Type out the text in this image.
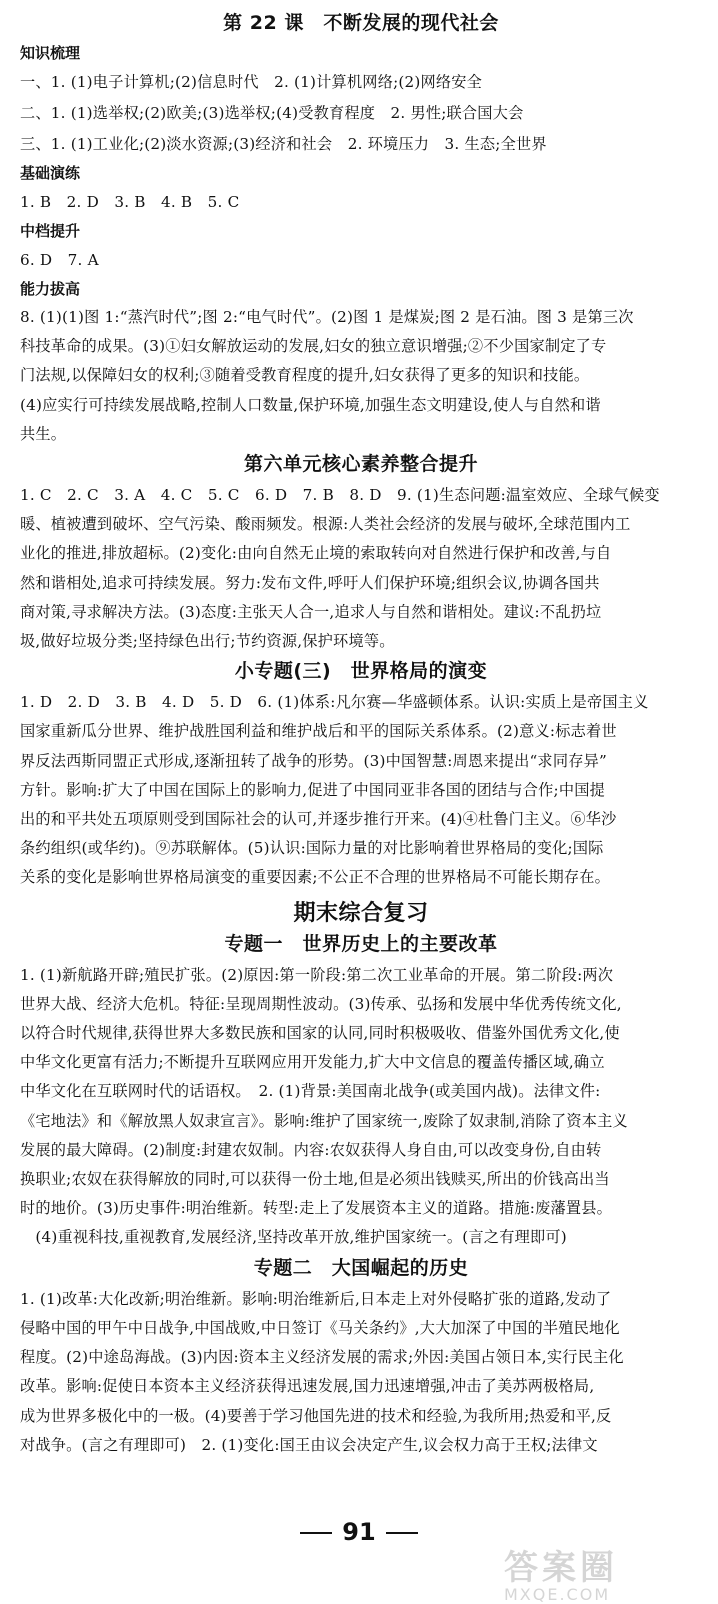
第 22 课　不断发展的现代社会
知识梳理
一、1. (1)电子计算机;(2)信息时代　2. (1)计算机网络;(2)网络安全
二、1. (1)选举权;(2)欧美;(3)选举权;(4)受教育程度　2. 男性;联合国大会
三、1. (1)工业化;(2)淡水资源;(3)经济和社会　2. 环境压力　3. 生态;全世界
基础演练
1. B　2. D　3. B　4. B　5. C
中档提升
6. D　7. A
能力拔高
8. (1)(1)图 1:“蒸汽时代”;图 2:“电气时代”。(2)图 1 是煤炭;图 2 是石油。图 3 是第三次
科技革命的成果。(3)①妇女解放运动的发展,妇女的独立意识增强;②不少国家制定了专
门法规,以保障妇女的权利;③随着受教育程度的提升,妇女获得了更多的知识和技能。
(4)应实行可持续发展战略,控制人口数量,保护环境,加强生态文明建设,使人与自然和谐
共生。
第六单元核心素养整合提升
1. C　2. C　3. A　4. C　5. C　6. D　7. B　8. D　9. (1)生态问题:温室效应、全球气候变
暖、植被遭到破坏、空气污染、酸雨频发。根源:人类社会经济的发展与破坏,全球范围内工
业化的推进,排放超标。(2)变化:由向自然无止境的索取转向对自然进行保护和改善,与自
然和谐相处,追求可持续发展。努力:发布文件,呼吁人们保护环境;组织会议,协调各国共
商对策,寻求解决方法。(3)态度:主张天人合一,追求人与自然和谐相处。建议:不乱扔垃
圾,做好垃圾分类;坚持绿色出行;节约资源,保护环境等。
小专题(三)　世界格局的演变
1. D　2. D　3. B　4. D　5. D　6. (1)体系:凡尔赛—华盛顿体系。认识:实质上是帝国主义
国家重新瓜分世界、维护战胜国利益和维护战后和平的国际关系体系。(2)意义:标志着世
界反法西斯同盟正式形成,逐渐扭转了战争的形势。(3)中国智慧:周恩来提出“求同存异”
方针。影响:扩大了中国在国际上的影响力,促进了中国同亚非各国的团结与合作;中国提
出的和平共处五项原则受到国际社会的认可,并逐步推行开来。(4)④杜鲁门主义。⑥华沙
条约组织(或华约)。⑨苏联解体。(5)认识:国际力量的对比影响着世界格局的变化;国际
关系的变化是影响世界格局演变的重要因素;不公正不合理的世界格局不可能长期存在。
期末综合复习
专题一　世界历史上的主要改革
1. (1)新航路开辟;殖民扩张。(2)原因:第一阶段:第二次工业革命的开展。第二阶段:两次
世界大战、经济大危机。特征:呈现周期性波动。(3)传承、弘扬和发展中华优秀传统文化,
以符合时代规律,获得世界大多数民族和国家的认同,同时积极吸收、借鉴外国优秀文化,使
中华文化更富有活力;不断提升互联网应用开发能力,扩大中文信息的覆盖传播区域,确立
中华文化在互联网时代的话语权。　2. (1)背景:美国南北战争(或美国内战)。法律文件:
《宅地法》和《解放黑人奴隶宣言》。影响:维护了国家统一,废除了奴隶制,消除了资本主义
发展的最大障碍。(2)制度:封建农奴制。内容:农奴获得人身自由,可以改变身份,自由转
换职业;农奴在获得解放的同时,可以获得一份土地,但是必须出钱赎买,所出的价钱高出当
时的地价。(3)历史事件:明治维新。转型:走上了发展资本主义的道路。措施:废藩置县。
　(4)重视科技,重视教育,发展经济,坚持改革开放,维护国家统一。(言之有理即可)
专题二　大国崛起的历史
1. (1)改革:大化改新;明治维新。影响:明治维新后,日本走上对外侵略扩张的道路,发动了
侵略中国的甲午中日战争,中国战败,中日签订《马关条约》,大大加深了中国的半殖民地化
程度。(2)中途岛海战。(3)内因:资本主义经济发展的需求;外因:美国占领日本,实行民主化
改革。影响:促使日本资本主义经济获得迅速发展,国力迅速增强,冲击了美苏两极格局,
成为世界多极化中的一极。(4)要善于学习他国先进的技术和经验,为我所用;热爱和平,反
对战争。(言之有理即可)　2. (1)变化:国王由议会决定产生,议会权力高于王权;法律文
91
答案圈
MXQE.COM
